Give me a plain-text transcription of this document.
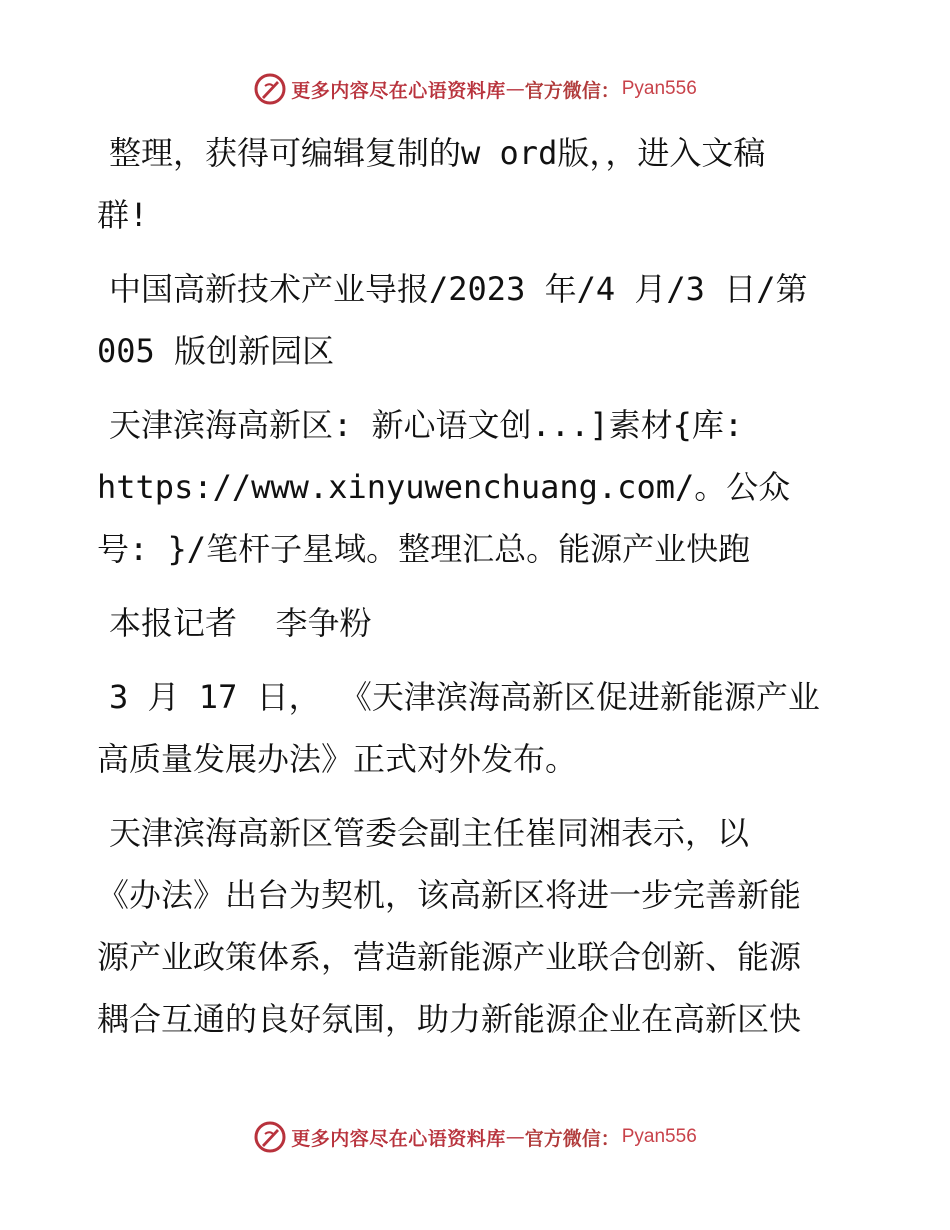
更多内容尽在心语资料库 — 官方微信： Pyan556

整理，获得可编辑复制的w ord版，，进入文稿
群!

中国高新技术产业导报/2023 年/4 月/3 日/第
005 版创新园区

天津滨海高新区: 新心语文创...]素材{库:
https://www.xinyuwenchuang.com/。公众
号: }/笔杆子星域。整理汇总。能源产业快跑

本报记者  李争粉

3 月 17 日， 《天津滨海高新区促进新能源产业
高质量发展办法》正式对外发布。

天津滨海高新区管委会副主任崔同湘表示，以
《办法》出台为契机，该高新区将进一步完善新能
源产业政策体系，营造新能源产业联合创新、能源
耦合互通的良好氛围，助力新能源企业在高新区快

更多内容尽在心语资料库 — 官方微信： Pyan556
